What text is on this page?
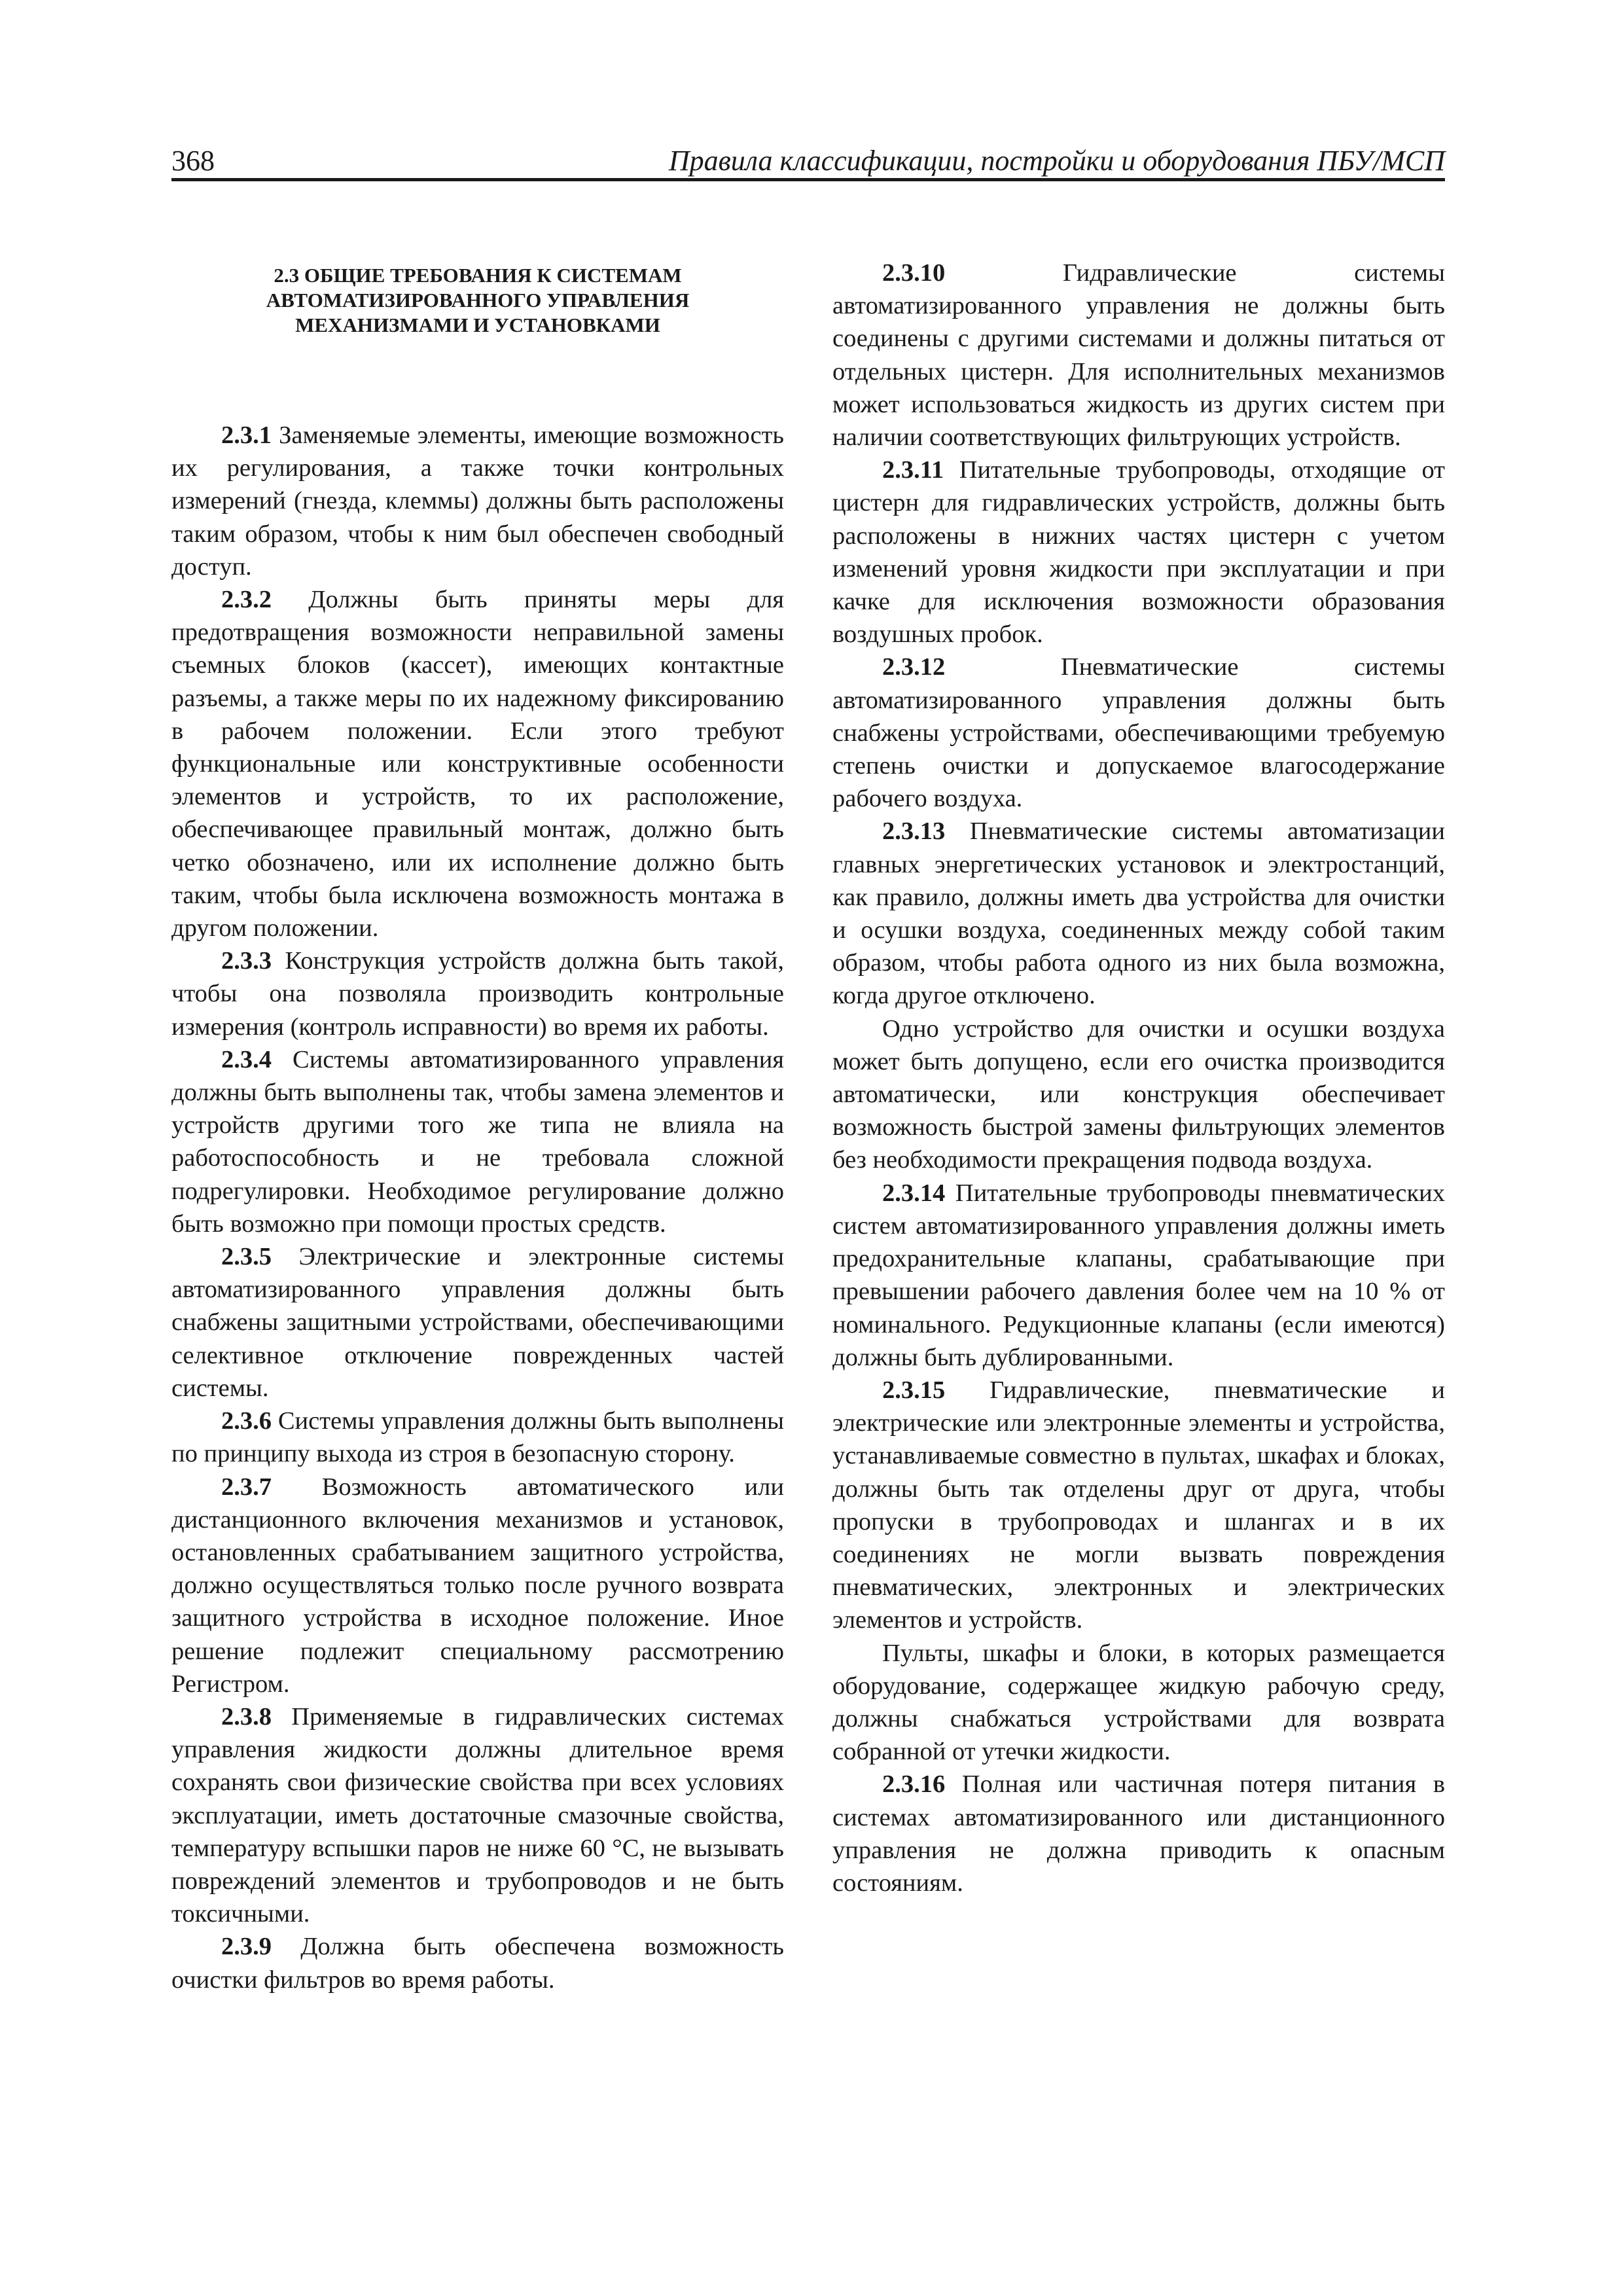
368	Правила классификации, постройки и оборудования ПБУ/МСП
2.3 ОБЩИЕ ТРЕБОВАНИЯ К СИСТЕМАМ АВТОМАТИЗИРОВАННОГО УПРАВЛЕНИЯ МЕХАНИЗМАМИ И УСТАНОВКАМИ

2.3.1 Заменяемые элементы, имеющие возможность их регулирования, а также точки контрольных измерений (гнезда, клеммы) должны быть расположены таким образом, чтобы к ним был обеспечен свободный доступ.

2.3.2 Должны быть приняты меры для предотвращения возможности неправильной замены съемных блоков (кассет), имеющих контактные разъемы, а также меры по их надежному фиксированию в рабочем положении. Если этого требуют функциональные или конструктивные особенности элементов и устройств, то их расположение, обеспечивающее правильный монтаж, должно быть четко обозначено, или их исполнение должно быть таким, чтобы была исключена возможность монтажа в другом положении.

2.3.3 Конструкция устройств должна быть такой, чтобы она позволяла производить контрольные измерения (контроль исправности) во время их работы.

2.3.4 Системы автоматизированного управления должны быть выполнены так, чтобы замена элементов и устройств другими того же типа не влияла на работоспособность и не требовала сложной подрегулировки. Необходимое регулирование должно быть возможно при помощи простых средств.

2.3.5 Электрические и электронные системы автоматизированного управления должны быть снабжены защитными устройствами, обеспечивающими селективное отключение поврежденных частей системы.

2.3.6 Системы управления должны быть выполнены по принципу выхода из строя в безопасную сторону.

2.3.7 Возможность автоматического или дистанционного включения механизмов и установок, остановленных срабатыванием защитного устройства, должно осуществляться только после ручного возврата защитного устройства в исходное положение. Иное решение подлежит специальному рассмотрению Регистром.

2.3.8 Применяемые в гидравлических системах управления жидкости должны длительное время сохранять свои физические свойства при всех условиях эксплуатации, иметь достаточные смазочные свойства, температуру вспышки паров не ниже 60 °С, не вызывать повреждений элементов и трубопроводов и не быть токсичными.

2.3.9 Должна быть обеспечена возможность очистки фильтров во время работы.

2.3.10	Гидравлические системы автоматизированного управления не должны быть соединены с другими системами и должны питаться от отдельных цистерн. Для исполнительных механизмов может использоваться жидкость из других систем при наличии соответствующих фильтрующих устройств.

2.3.11 Питательные трубопроводы, отходящие от цистерн для гидравлических устройств, должны быть расположены в нижних частях цистерн с учетом изменений уровня жидкости при эксплуатации и при качке для исключения возможности образования воздушных пробок.

2.3.12	Пневматические системы автоматизированного управления должны быть снабжены устройствами, обеспечивающими требуемую степень очистки и допускаемое влагосодержание рабочего воздуха.

2.3.13 Пневматические системы автоматизации главных энергетических установок и электростанций, как правило, должны иметь два устройства для очистки и осушки воздуха, соединенных между собой таким образом, чтобы работа одного из них была возможна, когда другое отключено.

Одно устройство для очистки и осушки воздуха может быть допущено, если его очистка производится автоматически, или конструкция обеспечивает возможность быстрой замены фильтрующих элементов без необходимости прекращения подвода воздуха.

2.3.14 Питательные трубопроводы пневматических систем автоматизированного управления должны иметь предохранительные клапаны, срабатывающие при превышении рабочего давления более чем на 10 % от номинального. Редукционные клапаны (если имеются) должны быть дублированными.

2.3.15 Гидравлические, пневматические и электрические или электронные элементы и устройства, устанавливаемые совместно в пультах, шкафах и блоках, должны быть так отделены друг от друга, чтобы пропуски в трубопроводах и шлангах и в их соединениях не могли вызвать повреждения пневматических, электронных и электрических элементов и устройств.

Пульты, шкафы и блоки, в которых размещается оборудование, содержащее жидкую рабочую среду, должны снабжаться устройствами для возврата собранной от утечки жидкости.

2.3.16 Полная или частичная потеря питания в системах автоматизированного или дистанционного управления не должна приводить к опасным состояниям.
